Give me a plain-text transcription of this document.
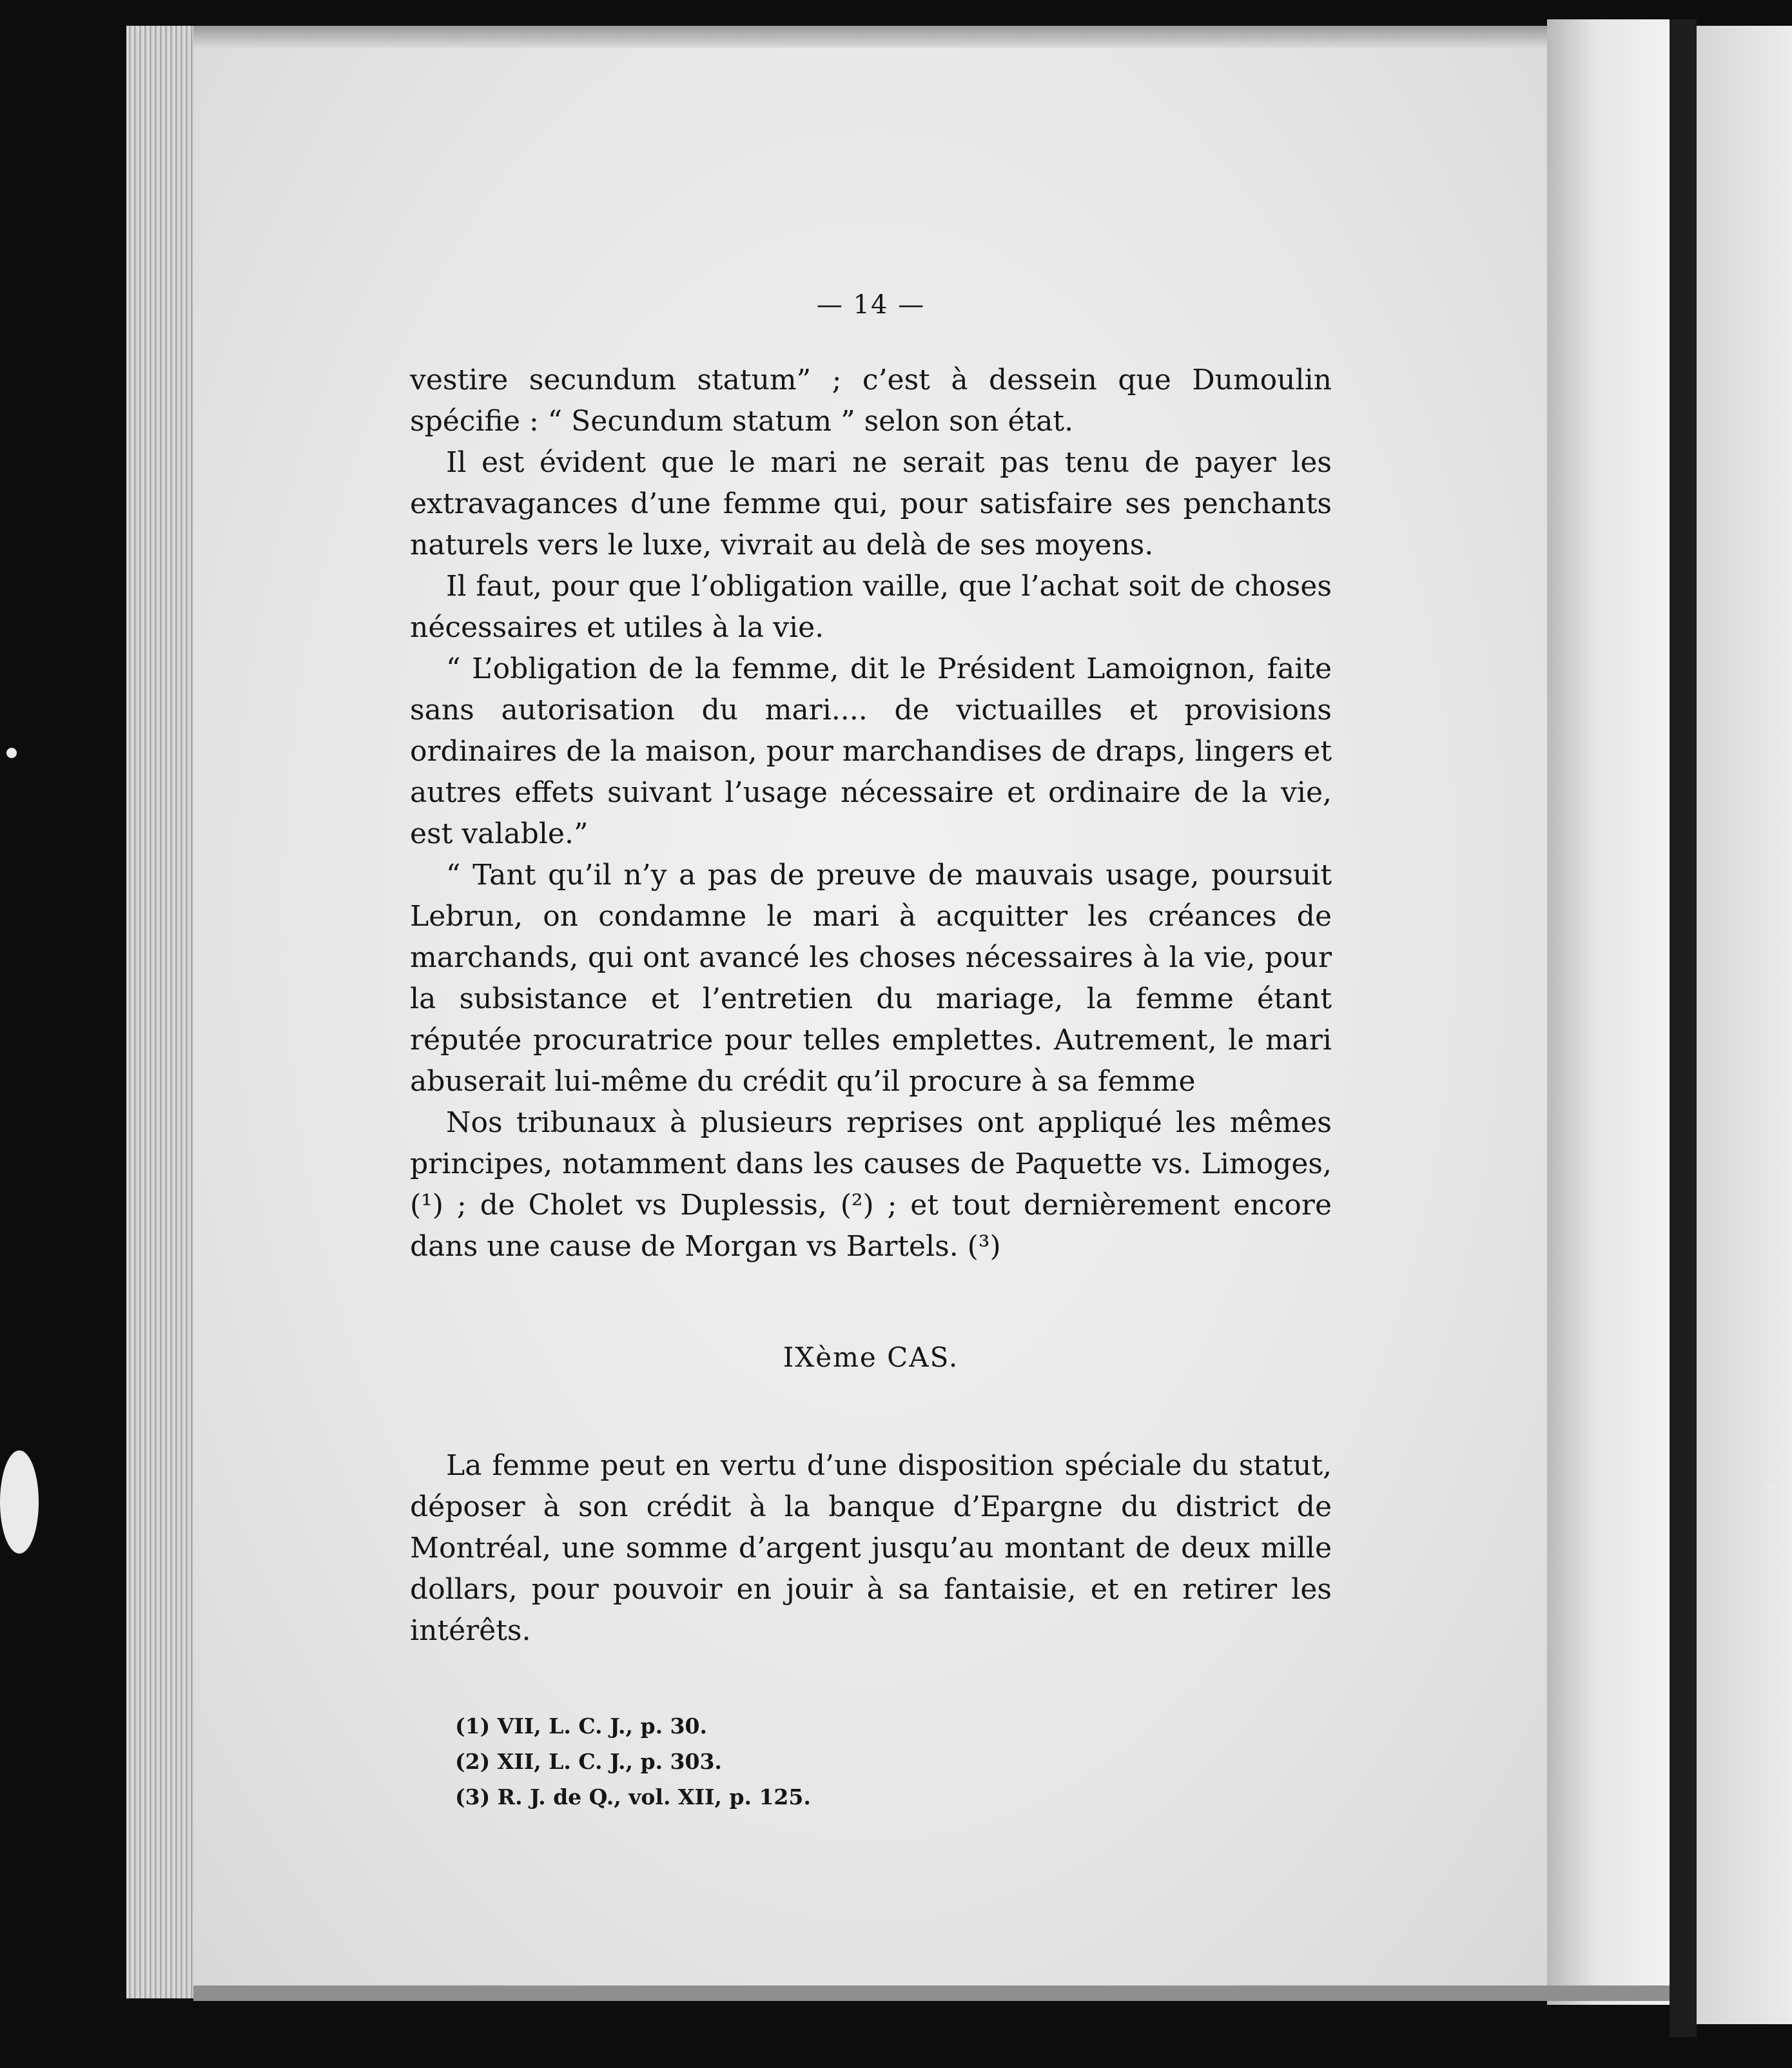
— 14 —

vestire secundum statum” ; c’est à dessein que Dumoulin spécifie : “ Secundum statum ” selon son état.

Il est évident que le mari ne serait pas tenu de payer les extravagances d’une femme qui, pour satisfaire ses penchants naturels vers le luxe, vivrait au delà de ses moyens.

Il faut, pour que l’obligation vaille, que l’achat soit de choses nécessaires et utiles à la vie.

“ L’obligation de la femme, dit le Président Lamoignon, faite sans autorisation du mari.... de victuailles et provisions ordinaires de la maison, pour marchandises de draps, lingers et autres effets suivant l’usage nécessaire et ordinaire de la vie, est valable.”

“ Tant qu’il n’y a pas de preuve de mauvais usage, poursuit Lebrun, on condamne le mari à acquitter les créances de marchands, qui ont avancé les choses nécessaires à la vie, pour la subsistance et l’entretien du mariage, la femme étant réputée procuratrice pour telles emplettes. Autrement, le mari abuserait lui-même du crédit qu’il procure à sa femme

Nos tribunaux à plusieurs reprises ont appliqué les mêmes principes, notamment dans les causes de Paquette vs. Limoges, (¹) ; de Cholet vs Duplessis, (²) ; et tout dernièrement encore dans une cause de Morgan vs Bartels. (³)

IXème CAS.

La femme peut en vertu d’une disposition spéciale du statut, déposer à son crédit à la banque d’Epargne du district de Montréal, une somme d’argent jusqu’au montant de deux mille dollars, pour pouvoir en jouir à sa fantaisie, et en retirer les intérêts.

(1) VII, L. C. J., p. 30.
(2) XII, L. C. J., p. 303.
(3) R. J. de Q., vol. XII, p. 125.
